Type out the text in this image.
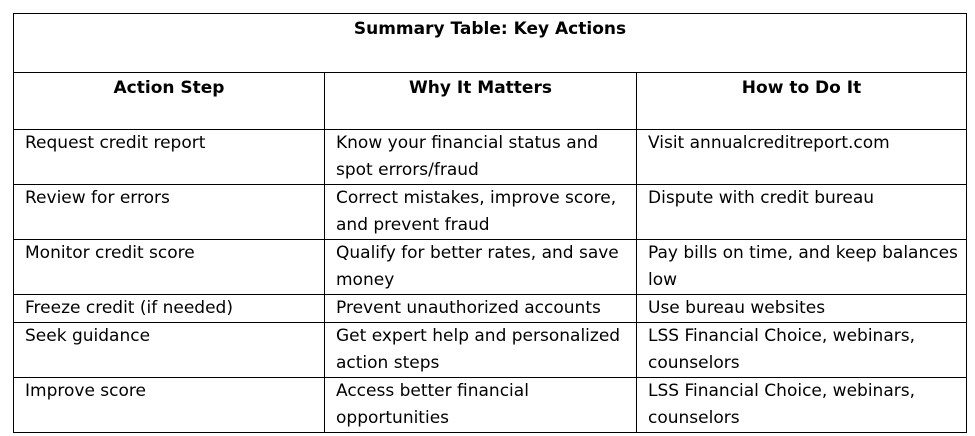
Summary Table: Key Actions		
Action Step	Why It Matters	How to Do It

Request credit report	Know your financial status and spot errors/fraud	Visit annualcreditreport.com

Review for errors	Correct mistakes, improve score, and prevent fraud	Dispute with credit bureau

Monitor credit score	Qualify for better rates, and save money	Pay bills on time, and keep balances low

Freeze credit (if needed)	Prevent unauthorized accounts	Use bureau websites

Seek guidance	Get expert help and personalized action steps	LSS Financial Choice, webinars, counselors

Improve score	Access better financial opportunities	LSS Financial Choice, webinars, counselors
